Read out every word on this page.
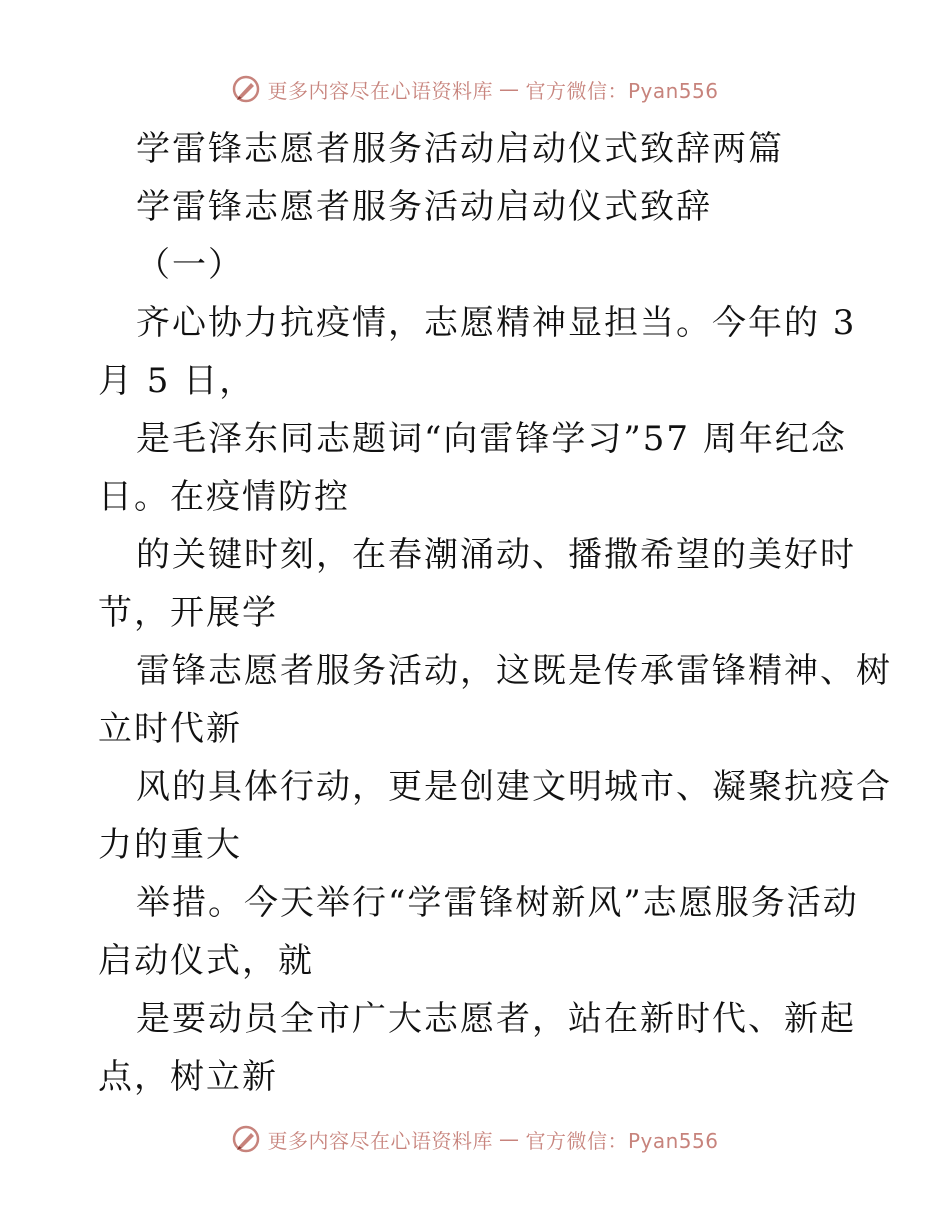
更多内容尽在心语资料库 — 官方微信：Pyan556
学雷锋志愿者服务活动启动仪式致辞两篇
学雷锋志愿者服务活动启动仪式致辞
（一）
齐心协力抗疫情，志愿精神显担当。今年的 3
月 5 日，
是毛泽东同志题词“向雷锋学习”57 周年纪念
日。在疫情防控
的关键时刻，在春潮涌动、播撒希望的美好时
节，开展学
雷锋志愿者服务活动，这既是传承雷锋精神、树
立时代新
风的具体行动，更是创建文明城市、凝聚抗疫合
力的重大
举措。今天举行“学雷锋树新风”志愿服务活动
启动仪式，就
是要动员全市广大志愿者，站在新时代、新起
点，树立新
更多内容尽在心语资料库 — 官方微信：Pyan556
